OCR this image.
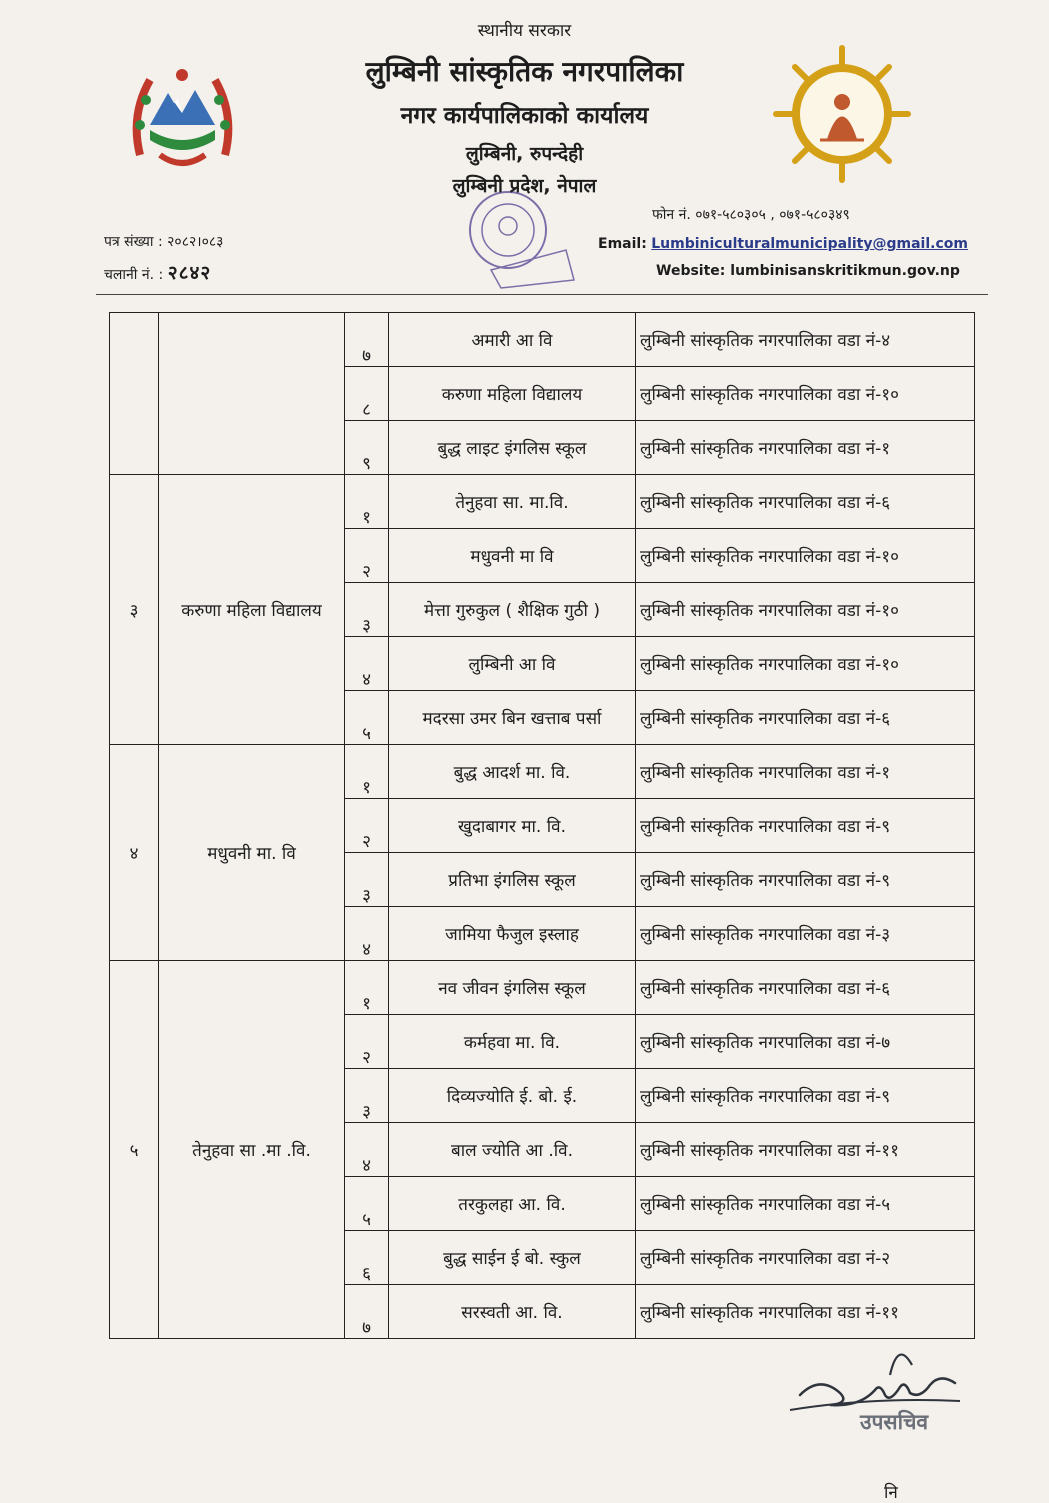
स्थानीय सरकार
लुम्बिनी सांस्कृतिक नगरपालिका
नगर कार्यपालिकाको कार्यालय
लुम्बिनी, रुपन्देही
लुम्बिनी प्रदेश, नेपाल
पत्र संख्या : २०८२।०८३
चलानी नं. : २८४२
फोन नं. ०७१-५८०३०५ , ०७१-५८०३४९
Email: Lumbiniculturalmunicipality@gmail.com
Website: lumbinisanskritikmun.gov.np
		७	अमारी आ वि	लुम्बिनी सांस्कृतिक नगरपालिका वडा नं-४

		८	करुणा महिला विद्यालय	लुम्बिनी सांस्कृतिक नगरपालिका वडा नं-१०

		९	बुद्ध लाइट इंगलिस स्कूल	लुम्बिनी सांस्कृतिक नगरपालिका वडा नं-१

३	करुणा महिला विद्यालय	१	तेनुहवा सा. मा.वि.	लुम्बिनी सांस्कृतिक नगरपालिका वडा नं-६

		२	मधुवनी मा वि	लुम्बिनी सांस्कृतिक नगरपालिका वडा नं-१०

		३	मेत्ता गुरुकुल ( शैक्षिक गुठी )	लुम्बिनी सांस्कृतिक नगरपालिका वडा नं-१०

		४	लुम्बिनी आ वि	लुम्बिनी सांस्कृतिक नगरपालिका वडा नं-१०

		५	मदरसा उमर बिन खत्ताब पर्सा	लुम्बिनी सांस्कृतिक नगरपालिका वडा नं-६

४	मधुवनी मा. वि	१	बुद्ध आदर्श मा. वि.	लुम्बिनी सांस्कृतिक नगरपालिका वडा नं-१

		२	खुदाबागर मा. वि.	लुम्बिनी सांस्कृतिक नगरपालिका वडा नं-९

		३	प्रतिभा इंगलिस स्कूल	लुम्बिनी सांस्कृतिक नगरपालिका वडा नं-९

		४	जामिया फैजुल इस्लाह	लुम्बिनी सांस्कृतिक नगरपालिका वडा नं-३

५	तेनुहवा सा .मा .वि.	१	नव जीवन इंगलिस स्कूल	लुम्बिनी सांस्कृतिक नगरपालिका वडा नं-६

		२	कर्महवा मा. वि.	लुम्बिनी सांस्कृतिक नगरपालिका वडा नं-७

		३	दिव्यज्योति ई. बो. ई.	लुम्बिनी सांस्कृतिक नगरपालिका वडा नं-९

		४	बाल ज्योति आ .वि.	लुम्बिनी सांस्कृतिक नगरपालिका वडा नं-११

		५	तरकुलहा आ. वि.	लुम्बिनी सांस्कृतिक नगरपालिका वडा नं-५

		६	बुद्ध साईन ई बो. स्कुल	लुम्बिनी सांस्कृतिक नगरपालिका वडा नं-२

		७	सरस्वती आ. वि.	लुम्बिनी सांस्कृतिक नगरपालिका वडा नं-११
उपसचिव
नि
